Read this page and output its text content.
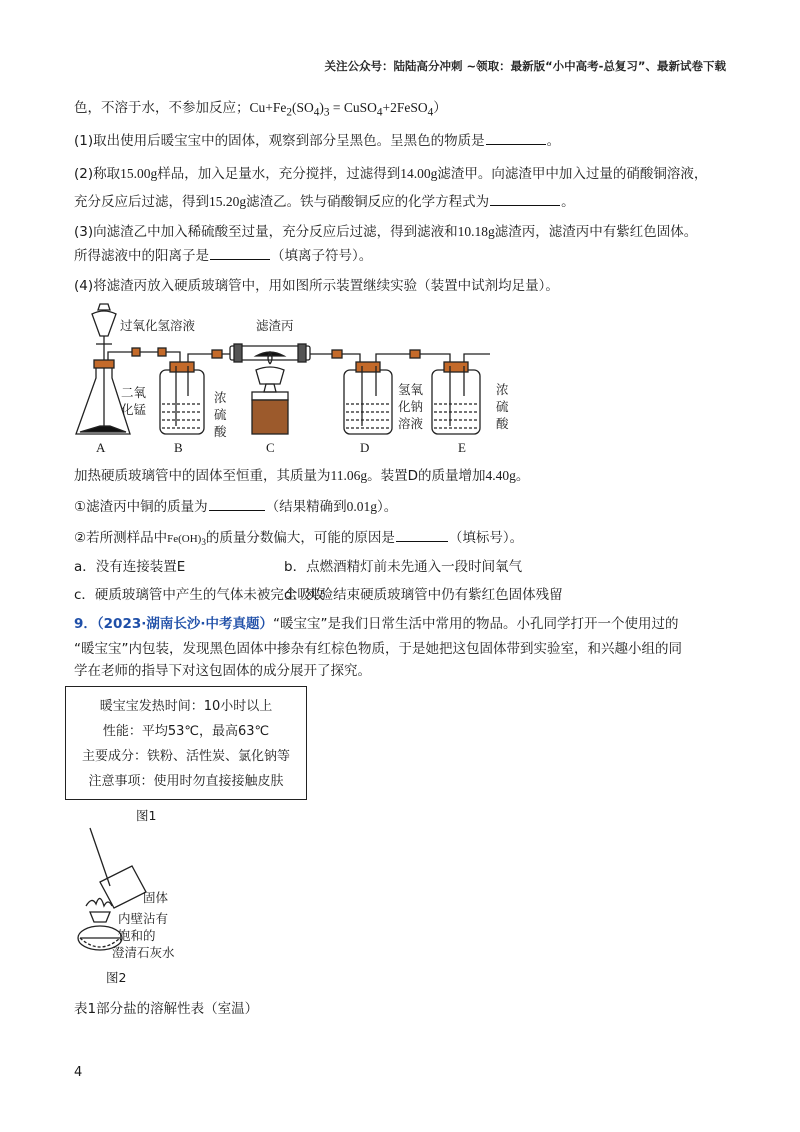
关注公众号：陆陆高分冲刺 ~领取：最新版“小中高考-总复习”、最新试卷下载
色，不溶于水，不参加反应；$Cu+Fe_2(SO_4)_3$ = CuSO$_4$+2FeSO$_4$）
(1)取出使用后暖宝宝中的固体，观察到部分呈黑色。呈黑色的物质是	。
(2)称取15.00g样品，加入足量水，充分搅拌，过滤得到14.00g滤渣甲。向滤渣甲中加入过量的硝酸铜溶液，
充分反应后过滤，得到15.20g滤渣乙。铁与硝酸铜反应的化学方程式为	。
(3)向滤渣乙中加入稀硫酸至过量，充分反应后过滤，得到滤液和10.18g滤渣丙，滤渣丙中有紫红色固体。
所得滤液中的阳离子是	（填离子符号）。
(4)将滤渣丙放入硬质玻璃管中，用如图所示装置继续实验（装置中试剂均足量）。
过氧化氢溶液
二氧
化锰
浓
硫
酸
滤渣丙
氢氧
化钠
溶液
浓
硫
酸
A	B	C	D	E
加热硬质玻璃管中的固体至恒重，其质量为11.06g。装置D的质量增加4.40g。
①滤渣丙中铜的质量为	（结果精确到0.01g）。
②若所测样品中$Fe(OH)_3$的质量分数偏大，可能的原因是	（填标号）。
a．没有连接装置E	b．点燃酒精灯前未先通入一段时间氧气
c．硬质玻璃管中产生的气体未被完全吸收
d．实验结束硬质玻璃管中仍有紫红色固体残留
9．（2023·湖南长沙·中考真题）“暖宝宝”是我们日常生活中常用的物品。小孔同学打开一个使用过的
“暖宝宝”内包装，发现黑色固体中掺杂有红棕色物质，于是她把这包固体带到实验室，和兴趣小组的同
学在老师的指导下对这包固体的成分展开了探究。
暖宝宝发热时间：10小时以上
性能：平均53℃，最高63℃
主要成分：铁粉、活性炭、氯化钠等
注意事项：使用时勿直接接触皮肤
图1
固体
内壁沾有
饱和的
澄清石灰水
图2
表1部分盐的溶解性表（室温）
4
